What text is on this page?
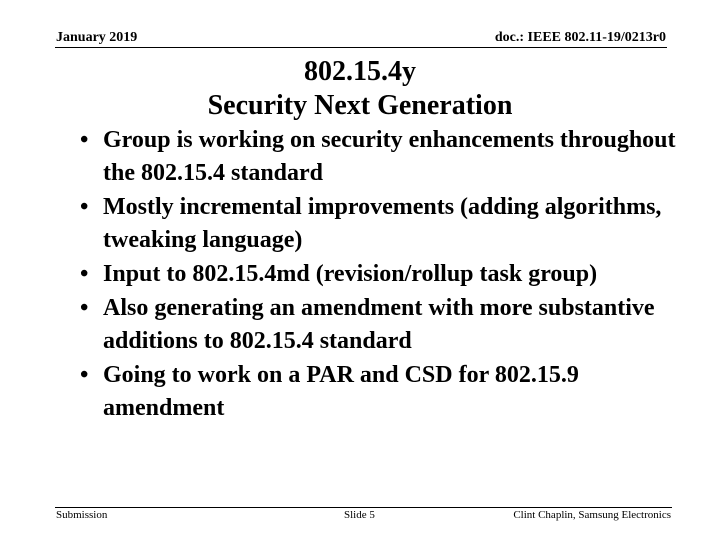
January 2019	doc.: IEEE 802.11-19/0213r0
802.15.4y
Security Next Generation
• Group is working on security enhancements throughout the 802.15.4 standard
• Mostly incremental improvements (adding algorithms, tweaking language)
• Input to 802.15.4md (revision/rollup task group)
• Also generating an amendment with more substantive additions to 802.15.4 standard
• Going to work on a PAR and CSD for 802.15.9 amendment
Submission	Slide 5	Clint Chaplin, Samsung Electronics
